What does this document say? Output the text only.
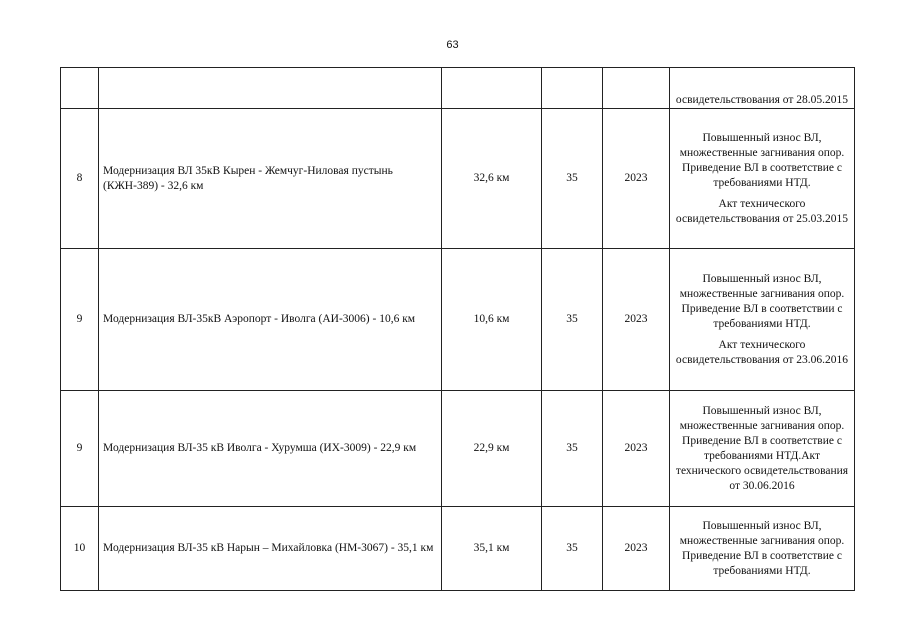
63

					освидетельствования от 28.05.2015

8	Модернизация ВЛ 35кВ Кырен - Жемчуг-Ниловая пустынь (КЖН-389) - 32,6 км	32,6 км	35	2023	Повышенный износ ВЛ, множественные загнивания опор. Приведение ВЛ в соответствие с требованиями НТД.

Акт технического освидетельствования от 25.03.2015

9	Модернизация ВЛ-35кВ Аэропорт - Иволга (АИ-3006) - 10,6 км	10,6 км	35	2023	Повышенный износ ВЛ, множественные загнивания опор. Приведение ВЛ в соответствии с требованиями НТД.

Акт технического освидетельствования от 23.06.2016

9	Модернизация ВЛ-35 кВ Иволга - Хурумша (ИХ-3009) - 22,9 км	22,9 км	35	2023	Повышенный износ ВЛ, множественные загнивания опор. Приведение ВЛ в соответствие с требованиями НТД.Акт технического освидетельствования от 30.06.2016

10	Модернизация ВЛ-35 кВ Нарын – Михайловка (НМ-3067) - 35,1 км	35,1 км	35	2023	Повышенный износ ВЛ, множественные загнивания опор. Приведение ВЛ в соответствие с требованиями НТД.
